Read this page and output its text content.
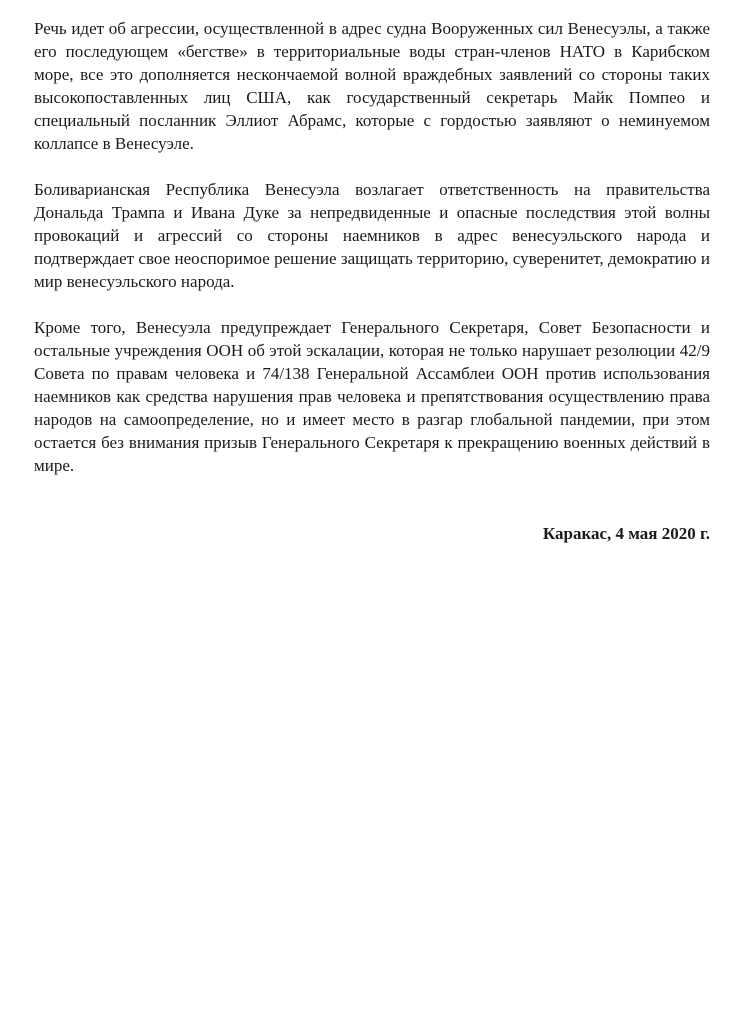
Речь идет об агрессии, осуществленной в адрес судна Вооруженных сил Венесуэлы, а также его последующем «бегстве» в территориальные воды стран-членов НАТО в Карибском море, все это дополняется нескончаемой волной враждебных заявлений со стороны таких высокопоставленных лиц США, как государственный секретарь Майк Помпео и специальный посланник Эллиот Абрамс, которые с гордостью заявляют о неминуемом коллапсе в Венесуэле.

Боливарианская Республика Венесуэла возлагает ответственность на правительства Дональда Трампа и Ивана Дуке за непредвиденные и опасные последствия этой волны провокаций и агрессий со стороны наемников в адрес венесуэльского народа и подтверждает свое неоспоримое решение защищать территорию, суверенитет, демократию и мир венесуэльского народа.

Кроме того, Венесуэла предупреждает Генерального Секретаря, Совет Безопасности и остальные учреждения ООН об этой эскалации, которая не только нарушает резолюции 42/9 Совета по правам человека и 74/138 Генеральной Ассамблеи ООН против использования наемников как средства нарушения прав человека и препятствования осуществлению права народов на самоопределение, но и имеет место в разгар глобальной пандемии, при этом остается без внимания призыв Генерального Секретаря к прекращению военных действий в мире.

Каракас, 4 мая 2020 г.
